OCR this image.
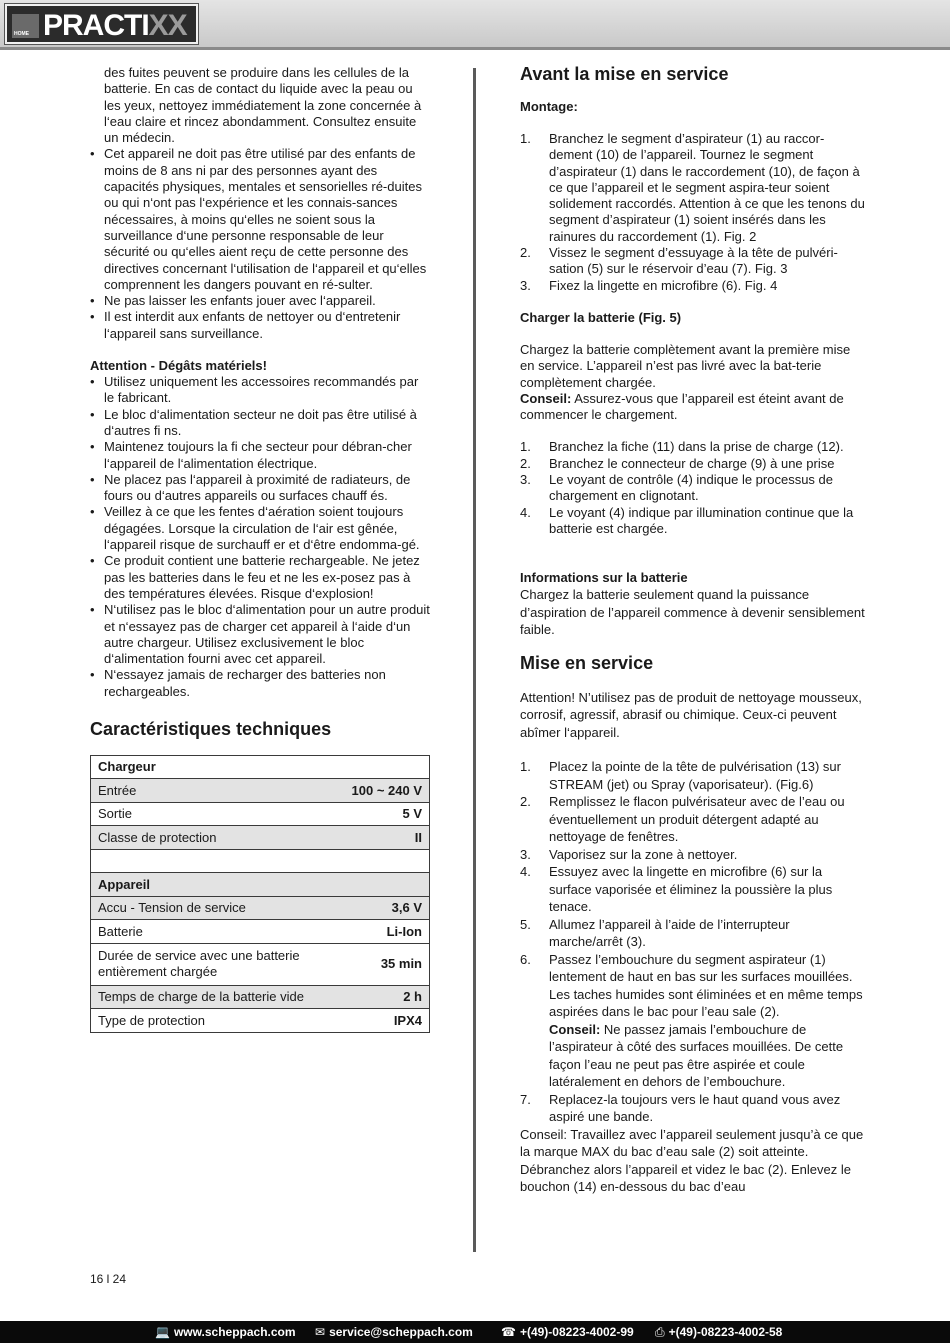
HOME PRACTIXX

des fuites peuvent se produire dans les cellules de la batterie. En cas de contact du liquide avec la peau ou les yeux, nettoyez immédiatement la zone concernée à l‘eau claire et rincez abondamment. Consultez ensuite un médecin.

• Cet appareil ne doit pas être utilisé par des enfants de moins de 8 ans ni par des personnes ayant des capacités physiques, mentales et sensorielles ré-duites ou qui n‘ont pas l‘expérience et les connais-sances nécessaires, à moins qu‘elles ne soient sous la surveillance d‘une personne responsable de leur sécurité ou qu‘elles aient reçu de cette personne des directives concernant l‘utilisation de l‘appareil et qu‘elles comprennent les dangers pouvant en ré-sulter.
• Ne pas laisser les enfants jouer avec l‘appareil.
• Il est interdit aux enfants de nettoyer ou d‘entretenir l‘appareil sans surveillance.
Attention - Dégâts matériels!
• Utilisez uniquement les accessoires recommandés par le fabricant.
• Le bloc d‘alimentation secteur ne doit pas être utilisé à d‘autres fi ns.
• Maintenez toujours la fi che secteur pour débran-cher l‘appareil de l‘alimentation électrique.
• Ne placez pas l‘appareil à proximité de radiateurs, de fours ou d‘autres appareils ou surfaces chauff és.
• Veillez à ce que les fentes d‘aération soient toujours dégagées. Lorsque la circulation de l‘air est gênée, l‘appareil risque de surchauff er et d‘être endomma-gé.
• Ce produit contient une batterie rechargeable. Ne jetez pas les batteries dans le feu et ne les ex-posez pas à des températures élevées. Risque d‘explosion!
• N‘utilisez pas le bloc d‘alimentation pour un autre produit et n‘essayez pas de charger cet appareil à l‘aide d‘un autre chargeur. Utilisez exclusivement le bloc d‘alimentation fourni avec cet appareil.
• N‘essayez jamais de recharger des batteries non rechargeables.
Caractéristiques techniques
Chargeur	
Entrée	100 ~ 240 V
Sortie	5 V
Classe de protection	II

Appareil	
Accu - Tension de service	3,6 V
Batterie	Li-Ion
Durée de service avec une batterie entièrement chargée	35 min
Temps de charge de la batterie vide	2 h
Type de protection	IPX4
Avant la mise en service
Montage:
1. Branchez le segment d’aspirateur (1) au raccor-dement (10) de l’appareil. Tournez le segment d’aspirateur (1) dans le raccordement (10), de façon à ce que l’appareil et le segment aspira-teur soient solidement raccordés. Attention à ce que les tenons du segment d’aspirateur (1) soient insérés dans les rainures du raccordement (1). Fig. 2
2. Vissez le segment d’essuyage à la tête de pulvéri-sation (5) sur le réservoir d’eau (7). Fig. 3
3. Fixez la lingette en microfibre (6). Fig. 4
Charger la batterie (Fig. 5)

Chargez la batterie complètement avant la première mise en service. L’appareil n’est pas livré avec la bat-terie complètement chargée.

Conseil: Assurez-vous que l’appareil est éteint avant de commencer le chargement.

1. Branchez la fiche (11) dans la prise de charge (12).
2. Branchez le connecteur de charge (9) à une prise
3. Le voyant de contrôle (4) indique le processus de chargement en clignotant.
4. Le voyant (4) indique par illumination continue que la batterie est chargée.
Informations sur la batterie

Chargez la batterie seulement quand la puissance d’aspiration de l’appareil commence à devenir sensiblement faible.

Mise en service

Attention! N’utilisez pas de produit de nettoyage mousseux, corrosif, agressif, abrasif ou chimique. Ceux-ci peuvent abîmer l‘appareil.

1. Placez la pointe de la tête de pulvérisation (13) sur STREAM (jet) ou Spray (vaporisateur). (Fig.6)
2. Remplissez le flacon pulvérisateur avec de l’eau ou éventuellement un produit détergent adapté au nettoyage de fenêtres.
3. Vaporisez sur la zone à nettoyer.
4. Essuyez avec la lingette en microfibre (6) sur la surface vaporisée et éliminez la poussière la plus tenace.
5. Allumez l’appareil à l’aide de l’interrupteur marche/arrêt (3).
6. Passez l’embouchure du segment aspirateur (1) lentement de haut en bas sur les surfaces mouillées. Les taches humides sont éliminées et en même temps aspirées dans le bac pour l’eau sale (2).

Conseil: Ne passez jamais l’embouchure de l’aspirateur à côté des surfaces mouillées. De cette façon l’eau ne peut pas être aspirée et coule latéralement en dehors de l’embouchure.

7. Replacez-la toujours vers le haut quand vous avez aspiré une bande.

Conseil: Travaillez avec l’appareil seulement jusqu’à ce que la marque MAX du bac d’eau sale (2) soit atteinte. Débranchez alors l’appareil et videz le bac (2). Enlevez le bouchon (14) en-dessous du bac d’eau

16 l 24
💻 www.scheppach.com ✉ service@scheppach.com ☎ +(49)-08223-4002-99 ⎙ +(49)-08223-4002-58
